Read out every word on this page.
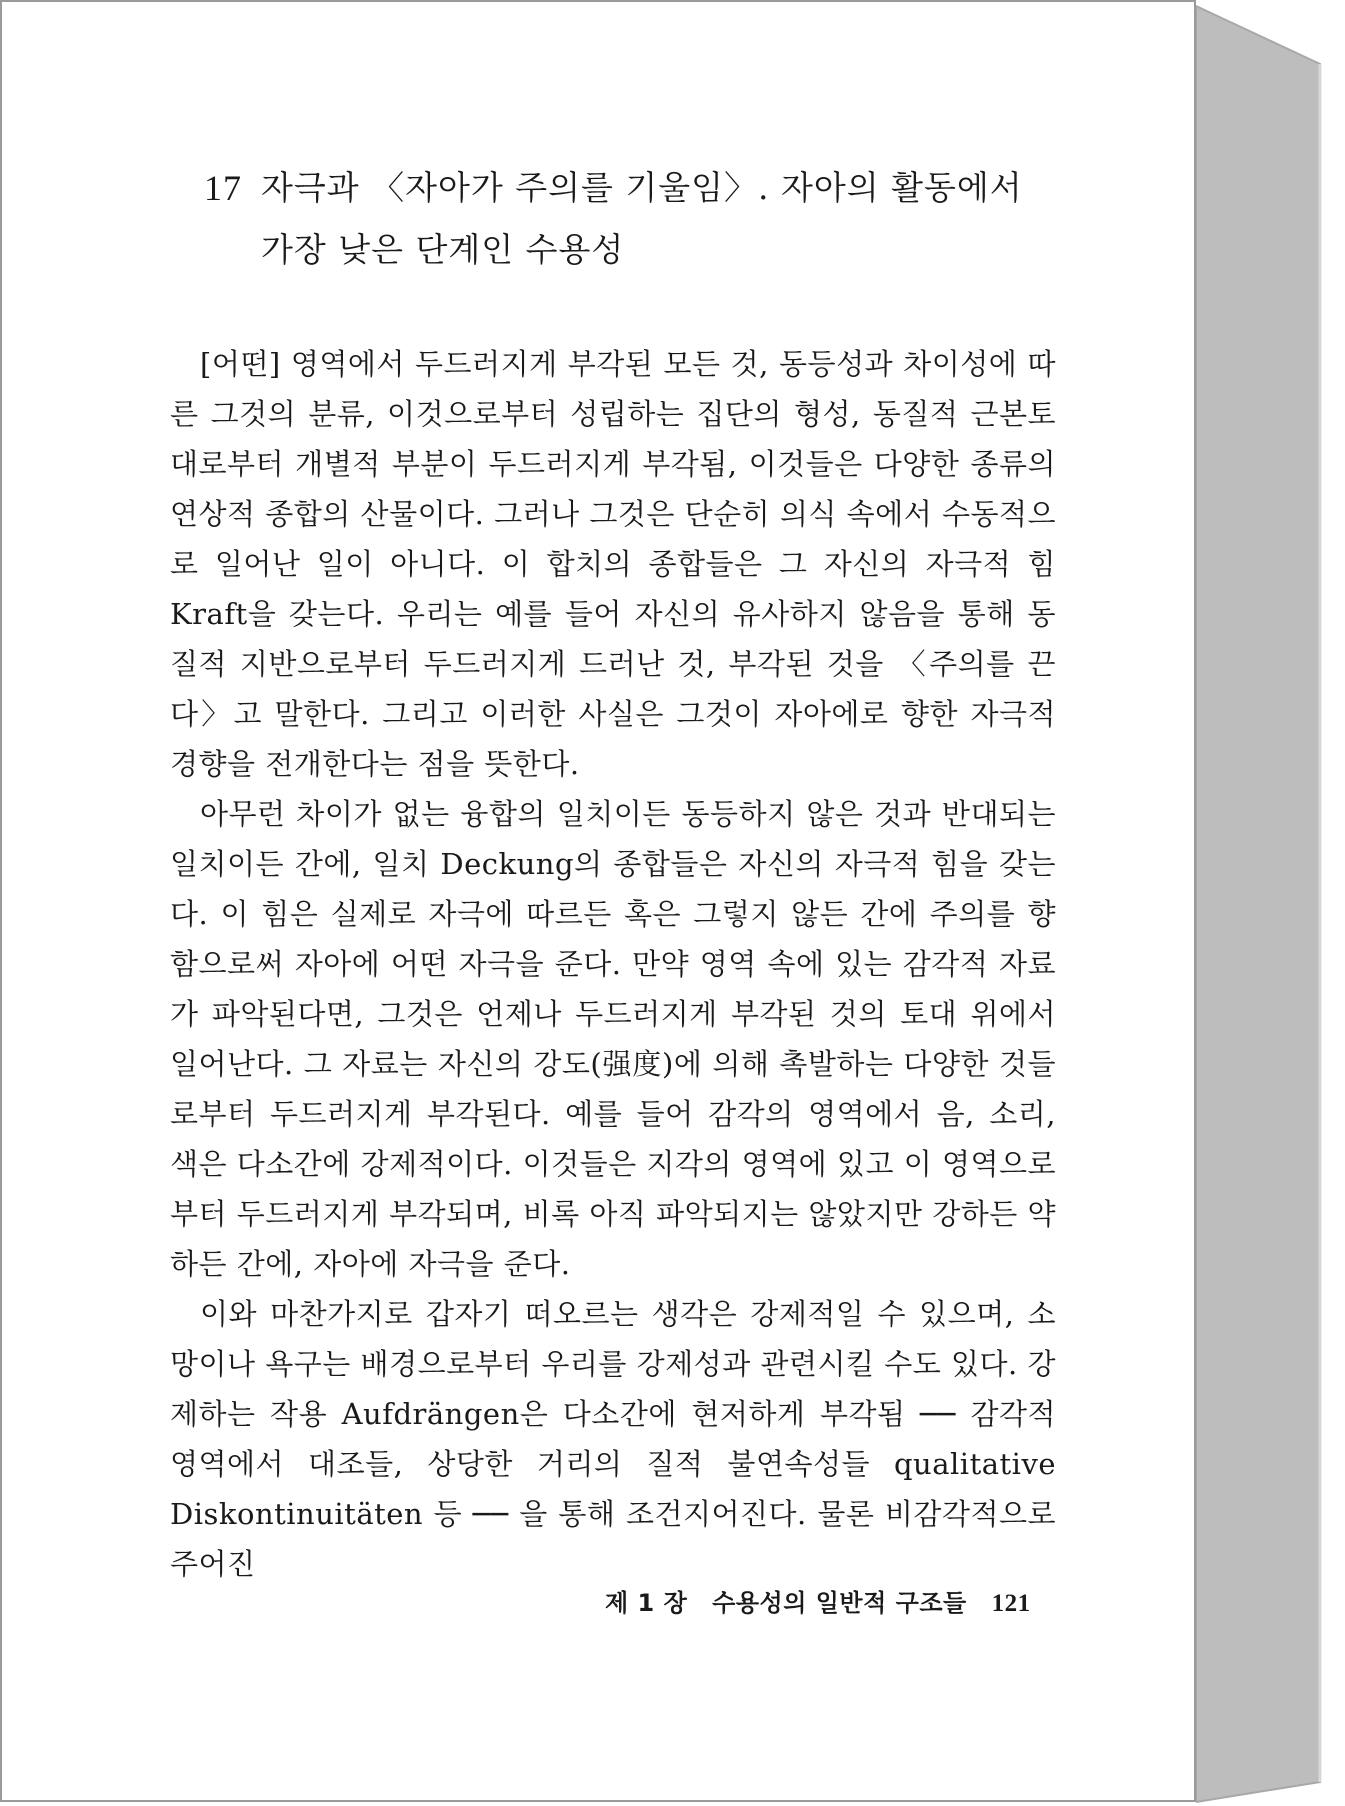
17 자극과 〈자아가 주의를 기울임〉. 자아의 활동에서 가장 낮은 단계인 수용성

[어떤] 영역에서 두드러지게 부각된 모든 것, 동등성과 차이성에 따른 그것의 분류, 이것으로부터 성립하는 집단의 형성, 동질적 근본토대로부터 개별적 부분이 두드러지게 부각됨, 이것들은 다양한 종류의 연상적 종합의 산물이다. 그러나 그것은 단순히 의식 속에서 수동적으로 일어난 일이 아니다. 이 합치의 종합들은 그 자신의 자극적 힘 Kraft을 갖는다. 우리는 예를 들어 자신의 유사하지 않음을 통해 동질적 지반으로부터 두드러지게 드러난 것, 부각된 것을 〈주의를 끈다〉고 말한다. 그리고 이러한 사실은 그것이 자아에로 향한 자극적 경향을 전개한다는 점을 뜻한다.

아무런 차이가 없는 융합의 일치이든 동등하지 않은 것과 반대되는 일치이든 간에, 일치 Deckung의 종합들은 자신의 자극적 힘을 갖는다. 이 힘은 실제로 자극에 따르든 혹은 그렇지 않든 간에 주의를 향함으로써 자아에 어떤 자극을 준다. 만약 영역 속에 있는 감각적 자료가 파악된다면, 그것은 언제나 두드러지게 부각된 것의 토대 위에서 일어난다. 그 자료는 자신의 강도(强度)에 의해 촉발하는 다양한 것들로부터 두드러지게 부각된다. 예를 들어 감각의 영역에서 음, 소리, 색은 다소간에 강제적이다. 이것들은 지각의 영역에 있고 이 영역으로부터 두드러지게 부각되며, 비록 아직 파악되지는 않았지만 강하든 약하든 간에, 자아에 자극을 준다.

이와 마찬가지로 갑자기 떠오르는 생각은 강제적일 수 있으며, 소망이나 욕구는 배경으로부터 우리를 강제성과 관련시킬 수도 있다. 강제하는 작용 Aufdrängen은 다소간에 현저하게 부각됨 ── 감각적 영역에서 대조들, 상당한 거리의 질적 불연속성들 qualitative Diskontinuitäten 등 ── 을 통해 조건지어진다. 물론 비감각적으로 주어진

제 1 장 수용성의 일반적 구조들 121
